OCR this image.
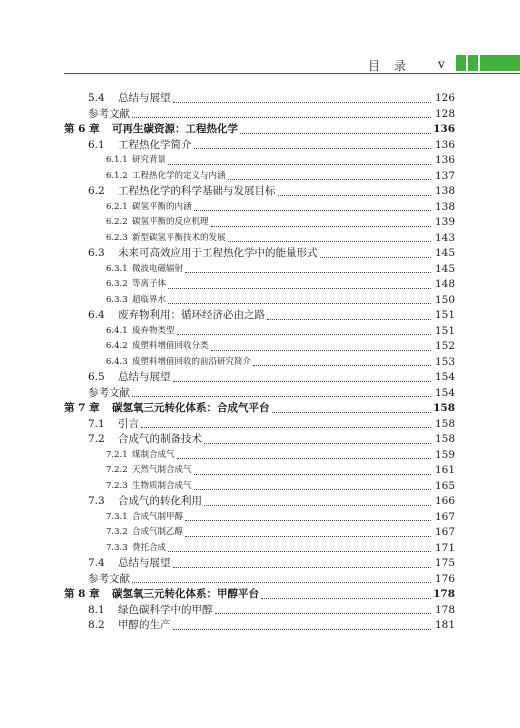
目录 v
5.4	总结与展望	126
参考文献	128
第 6 章	可再生碳资源：工程热化学	136
6.1	工程热化学简介	136
6.1.1 研究背景	136
6.1.2 工程热化学的定义与内涵	137
6.2	工程热化学的科学基础与发展目标	138
6.2.1 碳氢平衡的内涵	138
6.2.2 碳氢平衡的反应机理	139
6.2.3 新型碳氢平衡技术的发展	143
6.3	未来可高效应用于工程热化学中的能量形式	145
6.3.1 微波电磁辐射	145
6.3.2 等离子体	148
6.3.3 超临界水	150
6.4	废弃物利用：循环经济必由之路	151
6.4.1 废弃物类型	151
6.4.2 废塑料增值回收分类	152
6.4.3 废塑料增值回收的前沿研究简介	153
6.5	总结与展望	154
参考文献	154
第 7 章	碳氢氧三元转化体系：合成气平台	158
7.1	引言	158
7.2	合成气的制备技术	158
7.2.1 煤制合成气	159
7.2.2 天然气制合成气	161
7.2.3 生物质制合成气	165
7.3	合成气的转化利用	166
7.3.1 合成气制甲醇	167
7.3.2 合成气制乙醇	167
7.3.3 费托合成	171
7.4	总结与展望	175
参考文献	176
第 8 章	碳氢氧三元转化体系：甲醇平台	178
8.1	绿色碳科学中的甲醇	178
8.2	甲醇的生产	181
